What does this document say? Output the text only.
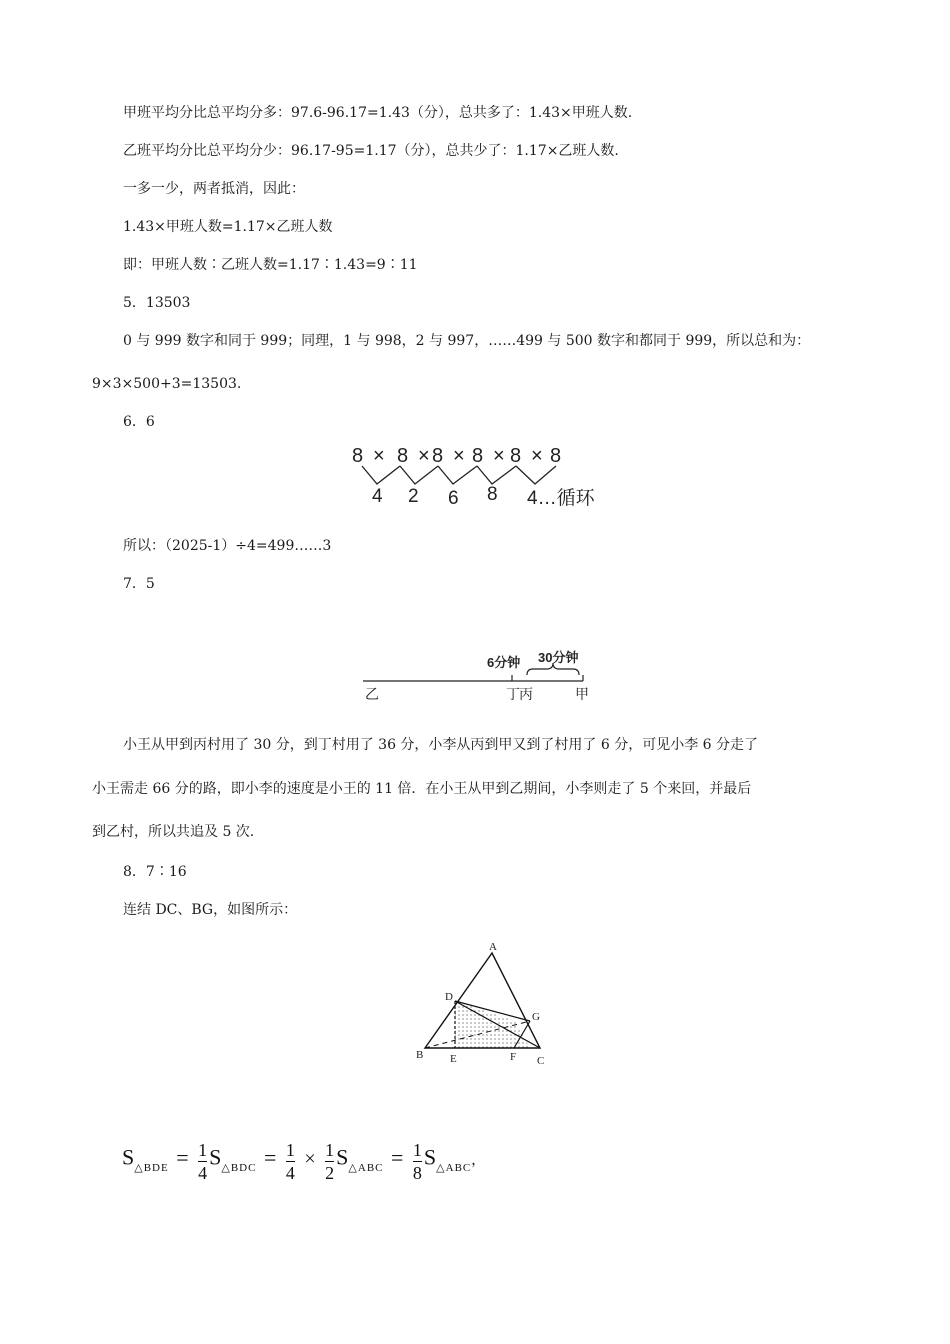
甲班平均分比总平均分多：97.6-96.17=1.43（分），总共多了：1.43×甲班人数.
乙班平均分比总平均分少：96.17-95=1.17（分），总共少了：1.17×乙班人数.
一多一少，两者抵消，因此：
1.43×甲班人数=1.17×乙班人数
即：甲班人数∶乙班人数=1.17∶1.43=9∶11
5．13503
0 与 999 数字和同于 999；同理，1 与 998，2 与 997，……499 与 500 数字和都同于 999，所以总和为：
9×3×500+3=13503.
6．6
8 × 8 × 8 × 8 × 8 × 8
4 2 6 8 4…循环
所以：（2025-1）÷4=499……3
7．5
6分钟 30分钟
乙	丁 丙	甲
小王从甲到丙村用了 30 分，到丁村用了 36 分，小李从丙到甲又到了村用了 6 分，可见小李 6 分走了
小王需走 66 分的路，即小李的速度是小王的 11 倍．在小王从甲到乙期间，小李则走了 5 个来回，并最后
到乙村，所以共追及 5 次.
8．7∶16
连结 DC、BG，如图所示：
A
D
G
B E	F C
$S_{\triangle BDE} = \frac{1}{4} S_{\triangle BDC} = \frac{1}{4} \times \frac{1}{2} S_{\triangle ABC} = \frac{1}{8} S_{\triangle ABC}$，
